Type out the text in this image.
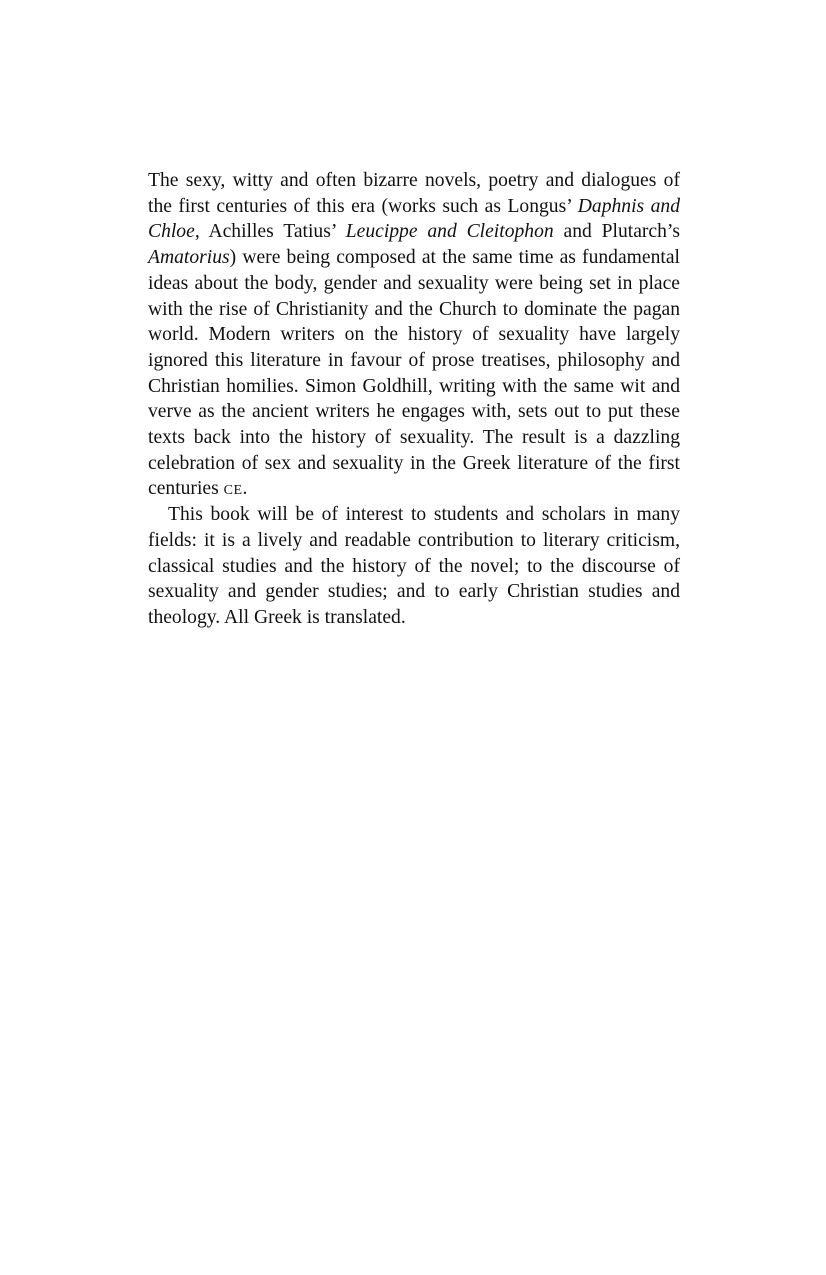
The sexy, witty and often bizarre novels, poetry and dialogues of the first centuries of this era (works such as Longus’ Daphnis and Chloe, Achilles Tatius’ Leucippe and Cleitophon and Plutarch’s Amatorius) were being composed at the same time as fundamental ideas about the body, gender and sexuality were being set in place with the rise of Christianity and the Church to dominate the pagan world. Modern writers on the history of sexuality have largely ignored this literature in favour of prose treatises, philosophy and Christian homilies. Simon Goldhill, writing with the same wit and verve as the ancient writers he engages with, sets out to put these texts back into the history of sexuality. The result is a dazzling celebration of sex and sexuality in the Greek literature of the first centuries ce.

This book will be of interest to students and scholars in many fields: it is a lively and readable contribution to literary criticism, classical studies and the history of the novel; to the discourse of sexuality and gender studies; and to early Christian studies and theology. All Greek is translated.
